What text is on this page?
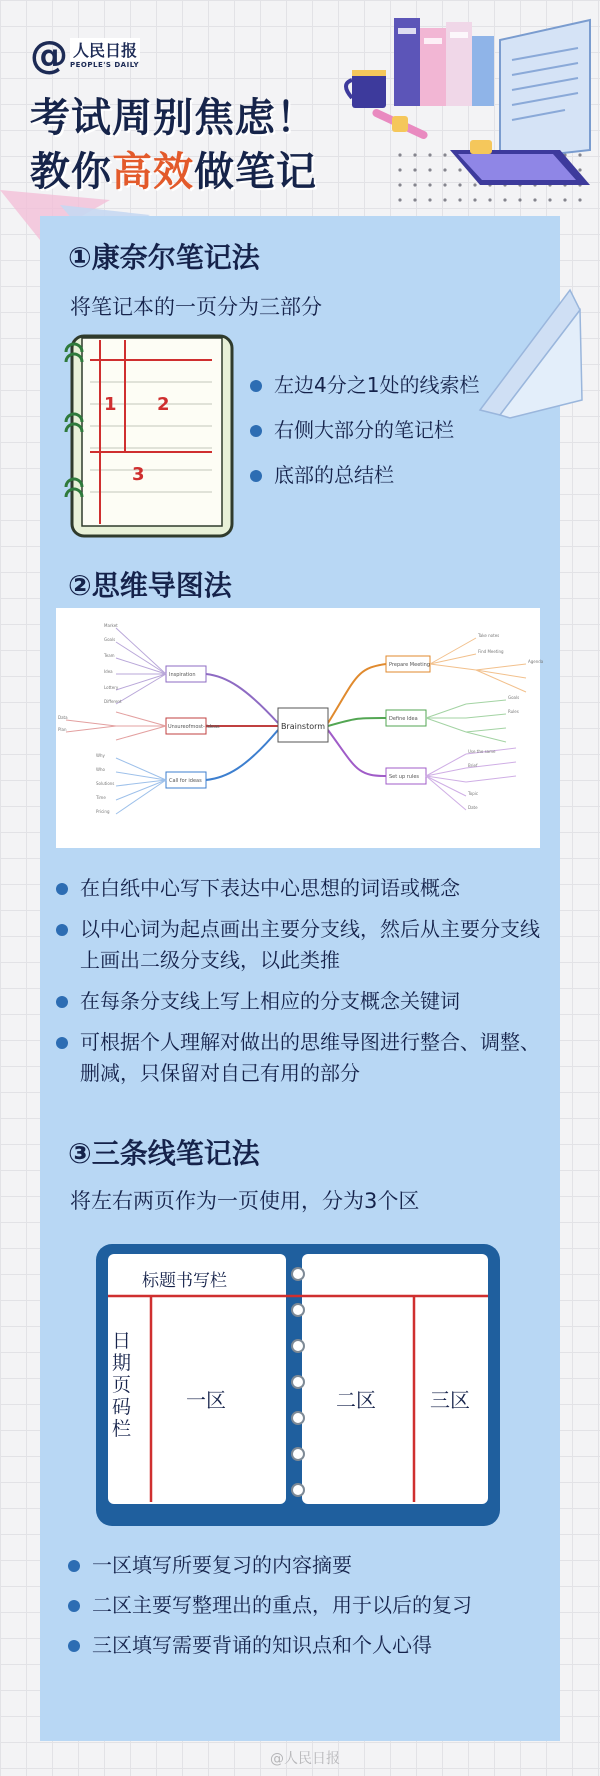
@ 人民日报
PEOPLE'S DAILY
考试周别焦虑！
教你高效做笔记
①康奈尔笔记法
将笔记本的一页分为三部分
1 2
3
左边4分之1处的线索栏
右侧大部分的笔记栏
底部的总结栏
②思维导图法
Brainstorm
Inspiration
Unsureofmost- ideas
Call for ideas
Prepare Meeting
Define Idea
Set up rules
Market
Goals
Team
Idea
Lottery
Different
Data
Plan
Why
Who
Solutions
Time
Pricing
Take notes
Find Meeting
Agenda
Goals
Rules
Use the same
Brief
Topic
Date
在白纸中心写下表达中心思想的词语或概念
以中心词为起点画出主要分支线，然后从主要分支线上画出二级分支线，以此类推
在每条分支线上写上相应的分支概念关键词
可根据个人理解对做出的思维导图进行整合、调整、删减，只保留对自己有用的部分
③三条线笔记法
将左右两页作为一页使用，分为3个区
标题书写栏
日期页码栏
一区	二区	三区
一区填写所要复习的内容摘要
二区主要写整理出的重点，用于以后的复习
三区填写需要背诵的知识点和个人心得
@人民日报
